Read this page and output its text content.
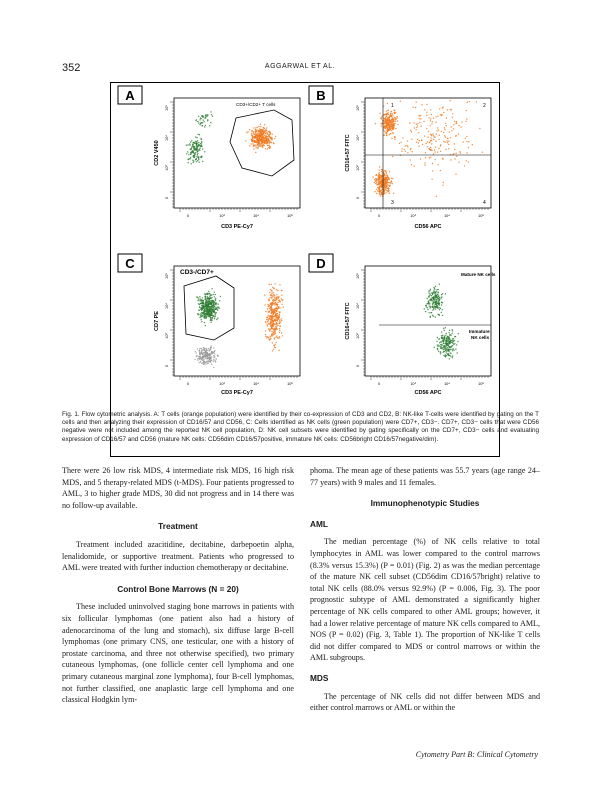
352	AGGARWAL ET AL.
A
CD3+/CD2+ T cells
0	10³	10⁴	10⁵
0
10³
10⁴
10⁵
CD3 PE-Cy7
CD2 V450
B
1	2
3	4
0	10³	10⁴	10⁵
0
10³
10⁴
10⁵
CD56 APC
CD16+57 FITC
C
CD3-/CD7+
0	10³	10⁴	10⁵
0
10³
10⁴
10⁵
CD3 PE-Cy7
CD7 PE
D
Mature NK cells
Immature
NK cells
0	10³	10⁴	10⁵
0
10³
10⁴
10⁵
CD56 APC
CD16+57 FITC
Fig. 1. Flow cytometric analysis. A: T cells (orange population) were identified by their co-expression of CD3 and CD2, B: NK-like T-cells were identified by gating on the T cells and then analyzing their expression of CD16/57 and CD56, C: Cells identified as NK cells (green population) were CD7+, CD3−. CD7+, CD3− cells that were CD56 negative were not included among the reported NK cell population, D: NK cell subsets were identified by gating specifically on the CD7+, CD3− cells and evaluating expression of CD16/57 and CD56 (mature NK cells: CD56dim CD16/57positive, immature NK cells: CD56bright CD16/57negative/dim).

There were 26 low risk MDS, 4 intermediate risk MDS, 16 high risk MDS, and 5 therapy-related MDS (t-MDS). Four patients progressed to AML, 3 to higher grade MDS, 30 did not progress and in 14 there was no follow-up available.

Treatment

Treatment included azacitidine, decitabine, darbepoetin alpha, lenalidomide, or supportive treatment. Patients who progressed to AML were treated with further induction chemotherapy or decitabine.

Control Bone Marrows (N = 20)

These included uninvolved staging bone marrows in patients with six follicular lymphomas (one patient also had a history of adenocarcinoma of the lung and stomach), six diffuse large B-cell lymphomas (one primary CNS, one testicular, one with a history of prostate carcinoma, and three not otherwise specified), two primary cutaneous lymphomas, (one follicle center cell lymphoma and one primary cutaneous marginal zone lymphoma), four B-cell lymphomas, not further classified, one anaplastic large cell lymphoma and one classical Hodgkin lym-

phoma. The mean age of these patients was 55.7 years (age range 24–77 years) with 9 males and 11 females.

Immunophenotypic Studies
AML

The median percentage (%) of NK cells relative to total lymphocytes in AML was lower compared to the control marrows (8.3% versus 15.3%) (P = 0.01) (Fig. 2) as was the median percentage of the mature NK cell subset (CD56dim CD16/57bright) relative to total NK cells (88.0% versus 92.9%) (P = 0.006, Fig. 3). The poor prognostic subtype of AML demonstrated a significantly higher percentage of NK cells compared to other AML groups; however, it had a lower relative percentage of mature NK cells compared to AML, NOS (P = 0.02) (Fig. 3, Table 1). The proportion of NK-like T cells did not differ compared to MDS or control marrows or within the AML subgroups.

MDS

The percentage of NK cells did not differ between MDS and either control marrows or AML or within the

Cytometry Part B: Clinical Cytometry
